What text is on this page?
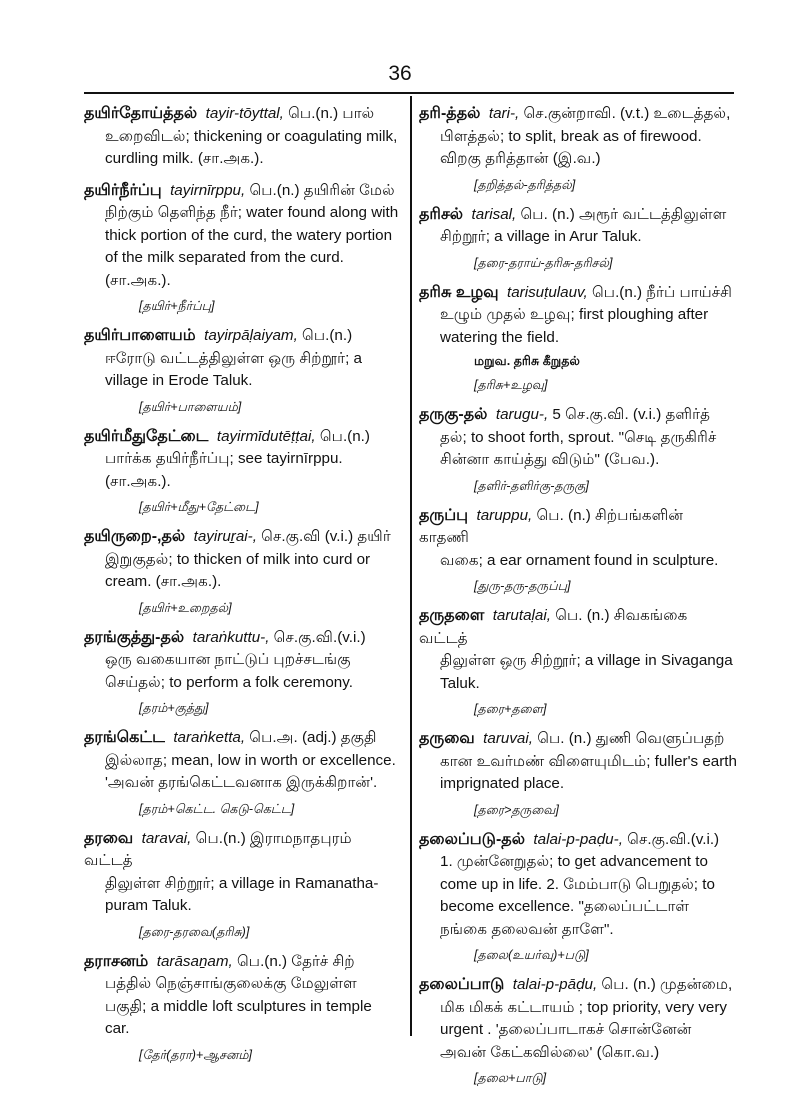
36

தயிர்தோய்த்தல் tayir-tōyttal, பெ.(n.) பால்

உறைவிடல்; thickening or coagulating milk, curdling milk. (சா.அக.).

தயிர்நீர்ப்பு tayirnīrppu, பெ.(n.) தயிரின் மேல்

நிற்கும் தெளிந்த நீர்; water found along with thick portion of the curd, the watery portion of the milk separated from the curd. (சா.அக.).

[தயிர்+நீர்ப்பு]

தயிர்பாளையம் tayirpāḷaiyam, பெ.(n.)

ஈரோடு வட்டத்திலுள்ள ஒரு சிற்றூர்; a village in Erode Taluk.

[தயிர்+பாளையம்]

தயிர்மீதுதேட்டை tayirmīdutēṭṭai, பெ.(n.)

பார்க்க தயிர்நீர்ப்பு; see tayirnīrppu.(சா.அக.).

[தயிர்+மீது+தேட்டை]

தயிருறை-,தல் tayiruṟai-, செ.கு.வி (v.i.) தயிர்

இறுகுதல்; to thicken of milk into curd or cream. (சா.அக.).

[தயிர்+உறைதல்]

தரங்குத்து-தல் taraṅkuttu-, செ.கு.வி.(v.i.)

ஒரு வகையான நாட்டுப் புறச்சடங்கு செய்தல்; to perform a folk ceremony.

[தரம்+குத்து]

தரங்கெட்ட taraṅketta, பெ.அ. (adj.) தகுதி

இல்லாத; mean, low in worth or excellence. 'அவன் தரங்கெட்டவனாக இருக்கிறான்'.

[தரம்+கெட்ட. கெடு-கெட்ட]

தரவை taravai, பெ.(n.) இராமநாதபுரம் வட்டத்

திலுள்ள சிற்றூர்; a village in Ramanatha-puram Taluk.

[தரை-தரவை(தரிசு)]

தராசனம் tarāsaṉam, பெ.(n.) தேர்ச் சிற்

பத்தில் நெஞ்சாங்குலைக்கு மேலுள்ள பகுதி; a middle loft sculptures in temple car.

[தேர்(தரா)+ஆசனம்]

தரி-த்தல் tari-, செ.குன்றாவி. (v.t.) உடைத்தல்,

பிளத்தல்; to split, break as of firewood. விறகு தரித்தான் (இ.வ.)

[தறித்தல்-தரித்தல்]

தரிசல் tarisal, பெ. (n.) அரூர் வட்டத்திலுள்ள

சிற்றூர்; a village in Arur Taluk.

[தரை-தராய்-தரிசு-தரிசல்]

தரிசு உழவு tarisuṭulauv, பெ.(n.) நீர்ப் பாய்ச்சி

உழும் முதல் உழவு; first ploughing after watering the field.

மறுவ. தரிசு கீறுதல்
[தரிசு+உழவு]

தருகு-தல் tarugu-, 5 செ.கு.வி. (v.i.) தளிர்த்

தல்; to shoot forth, sprout. "செடி தருகிரிச் சின்னா காய்த்து விடும்" (பேவ.).

[தளிர்-தளிர்கு-தருகு]

தருப்பு taruppu, பெ. (n.) சிற்பங்களின் காதணி

வகை; a ear ornament found in sculpture.

[துரு-தரு-தருப்பு]

தருதளை tarutaḷai, பெ. (n.) சிவகங்கை வட்டத்

திலுள்ள ஒரு சிற்றூர்; a village in Sivaganga Taluk.

[தரை+தளை]

தருவை taruvai, பெ. (n.) துணி வெளுப்பதற்

கான உவர்மண் விளையுமிடம்; fuller's earth imprignated place.

[தரை>தருவை]

தலைப்படு-தல் talai-p-paḍu-, செ.கு.வி.(v.i.)

1. முன்னேறுதல்; to get advancement to come up in life. 2. மேம்பாடு பெறுதல்; to become excellence. "தலைப்பட்டாள் நங்கை தலைவன் தாளே".

[தலை(உயர்வு)+படு]

தலைப்பாடு talai-p-pāḍu, பெ. (n.) முதன்மை,

மிக மிகக் கட்டாயம் ; top priority, very very urgent . 'தலைப்பாடாகச் சொன்னேன் அவன் கேட்கவில்லை' (கொ.வ.)

[தலை+பாடு]
